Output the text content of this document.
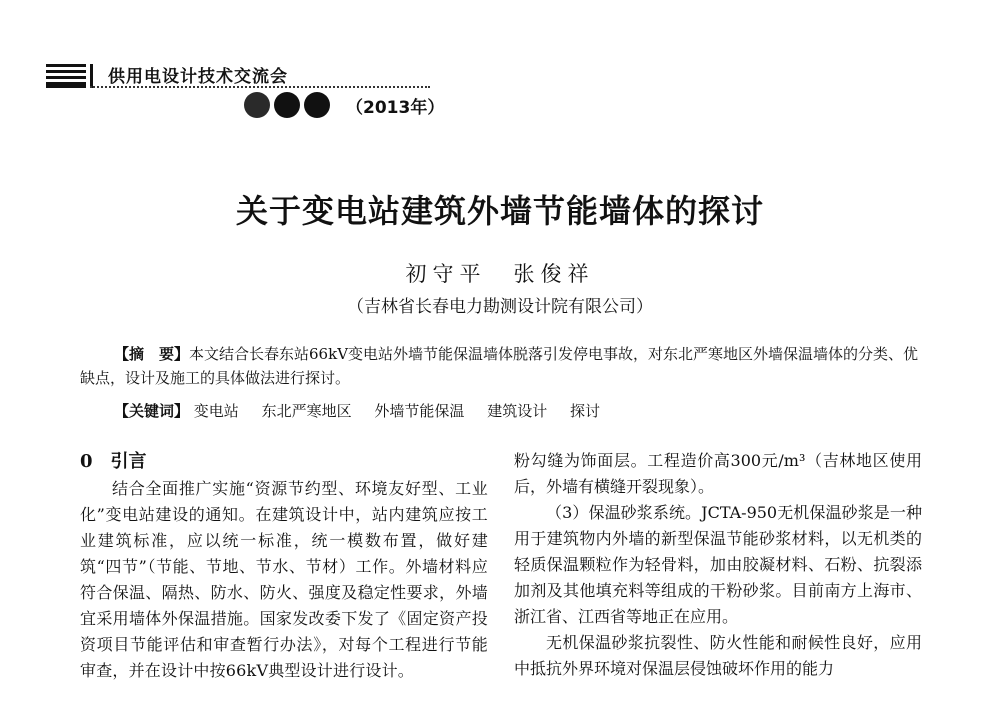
供用电设计技术交流会
（2013年）
关于变电站建筑外墙节能墙体的探讨

初守平　张俊祥

（吉林省长春电力勘测设计院有限公司）

【摘　要】本文结合长春东站66kV变电站外墙节能保温墙体脱落引发停电事故，对东北严寒地区外墙保温墙体的分类、优缺点，设计及施工的具体做法进行探讨。

【关键词】 变电站 东北严寒地区 外墙节能保温 建筑设计 探讨

0　引言

结合全面推广实施“资源节约型、环境友好型、工业化”变电站建设的通知。在建筑设计中，站内建筑应按工业建筑标准，应以统一标准，统一模数布置，做好建筑“四节”（节能、节地、节水、节材）工作。外墙材料应符合保温、隔热、防水、防火、强度及稳定性要求，外墙宜采用墙体外保温措施。国家发改委下发了《固定资产投资项目节能评估和审查暂行办法》，对每个工程进行节能审查，并在设计中按66kV典型设计进行设计。

粉勾缝为饰面层。工程造价高300元/m³（吉林地区使用后，外墙有横缝开裂现象）。

（3）保温砂浆系统。JCTA-950无机保温砂浆是一种用于建筑物内外墙的新型保温节能砂浆材料，以无机类的轻质保温颗粒作为轻骨料，加由胶凝材料、石粉、抗裂添加剂及其他填充料等组成的干粉砂浆。目前南方上海市、浙江省、江西省等地正在应用。

无机保温砂浆抗裂性、防火性能和耐候性良好，应用中抵抗外界环境对保温层侵蚀破坏作用的能力
